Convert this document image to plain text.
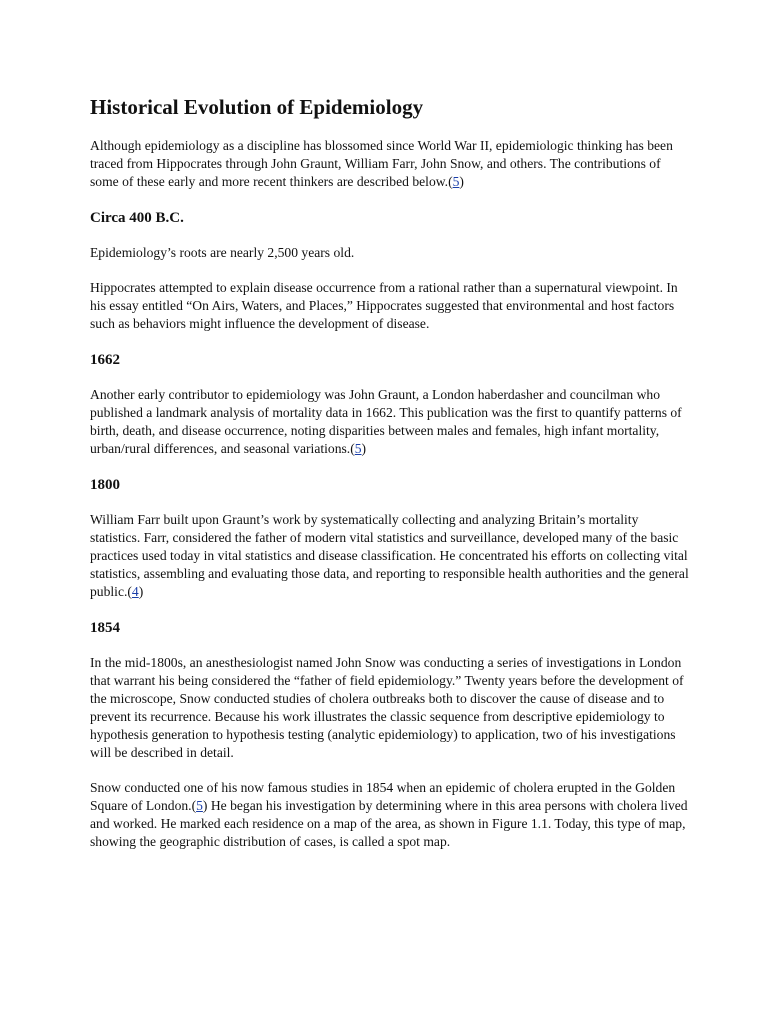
Historical Evolution of Epidemiology

Although epidemiology as a discipline has blossomed since World War II, epidemiologic thinking has been traced from Hippocrates through John Graunt, William Farr, John Snow, and others. The contributions of some of these early and more recent thinkers are described below.(5)

Circa 400 B.C.

Epidemiology’s roots are nearly 2,500 years old.

Hippocrates attempted to explain disease occurrence from a rational rather than a supernatural viewpoint. In his essay entitled “On Airs, Waters, and Places,” Hippocrates suggested that environmental and host factors such as behaviors might influence the development of disease.

1662

Another early contributor to epidemiology was John Graunt, a London haberdasher and councilman who published a landmark analysis of mortality data in 1662. This publication was the first to quantify patterns of birth, death, and disease occurrence, noting disparities between males and females, high infant mortality, urban/rural differences, and seasonal variations.(5)

1800

William Farr built upon Graunt’s work by systematically collecting and analyzing Britain’s mortality statistics. Farr, considered the father of modern vital statistics and surveillance, developed many of the basic practices used today in vital statistics and disease classification. He concentrated his efforts on collecting vital statistics, assembling and evaluating those data, and reporting to responsible health authorities and the general public.(4)

1854

In the mid-1800s, an anesthesiologist named John Snow was conducting a series of investigations in London that warrant his being considered the “father of field epidemiology.” Twenty years before the development of the microscope, Snow conducted studies of cholera outbreaks both to discover the cause of disease and to prevent its recurrence. Because his work illustrates the classic sequence from descriptive epidemiology to hypothesis generation to hypothesis testing (analytic epidemiology) to application, two of his investigations will be described in detail.

Snow conducted one of his now famous studies in 1854 when an epidemic of cholera erupted in the Golden Square of London.(5) He began his investigation by determining where in this area persons with cholera lived and worked. He marked each residence on a map of the area, as shown in Figure 1.1. Today, this type of map, showing the geographic distribution of cases, is called a spot map.
